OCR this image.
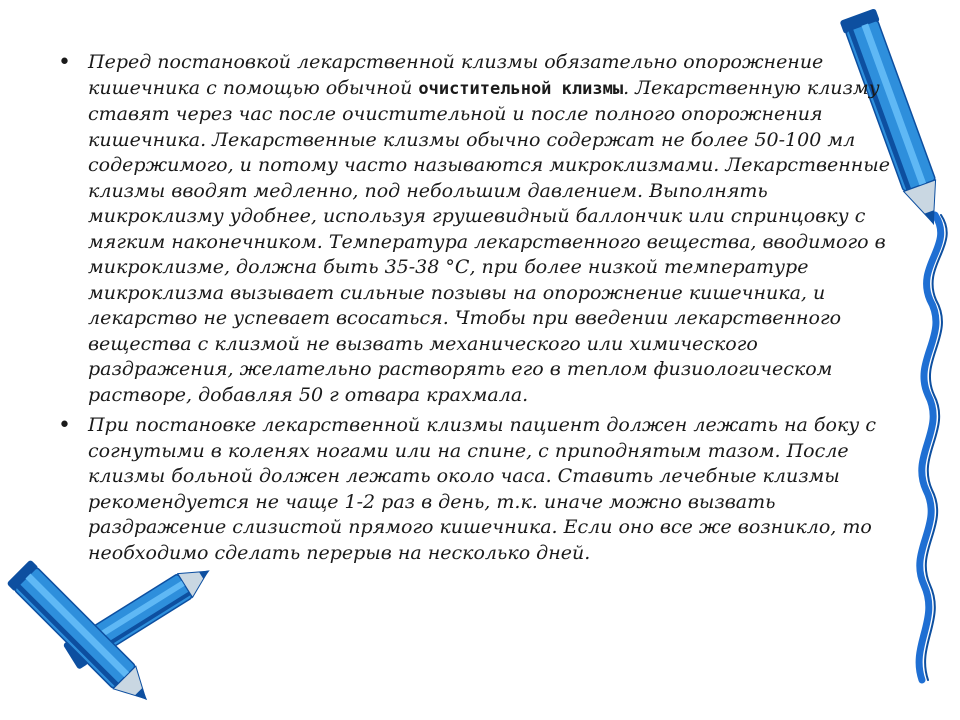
• Перед постановкой лекарственной клизмы обязательно опорожнение кишечника с помощью обычной очистительной клизмы. Лекарственную клизму ставят через час после очистительной и после полного опорожнения кишечника. Лекарственные клизмы обычно содержат не более 50-100 мл содержимого, и потому часто называются микроклизмами. Лекарственные клизмы вводят медленно, под небольшим давлением. Выполнять микроклизму удобнее, используя грушевидный баллончик или спринцовку с мягким наконечником. Температура лекарственного вещества, вводимого в микроклизме, должна быть 35-38 °С, при более низкой температуре микроклизма вызывает сильные позывы на опорожнение кишечника, и лекарство не успевает всосаться. Чтобы при введении лекарственного вещества с клизмой не вызвать механического или химического раздражения, желательно растворять его в теплом физиологическом растворе, добавляя 50 г отвара крахмала.
• При постановке лекарственной клизмы пациент должен лежать на боку с согнутыми в коленях ногами или на спине, с приподнятым тазом. После клизмы больной должен лежать около часа. Ставить лечебные клизмы рекомендуется не чаще 1-2 раз в день, т.к. иначе можно вызвать раздражение слизистой прямого кишечника. Если оно все же возникло, то необходимо сделать перерыв на несколько дней.
